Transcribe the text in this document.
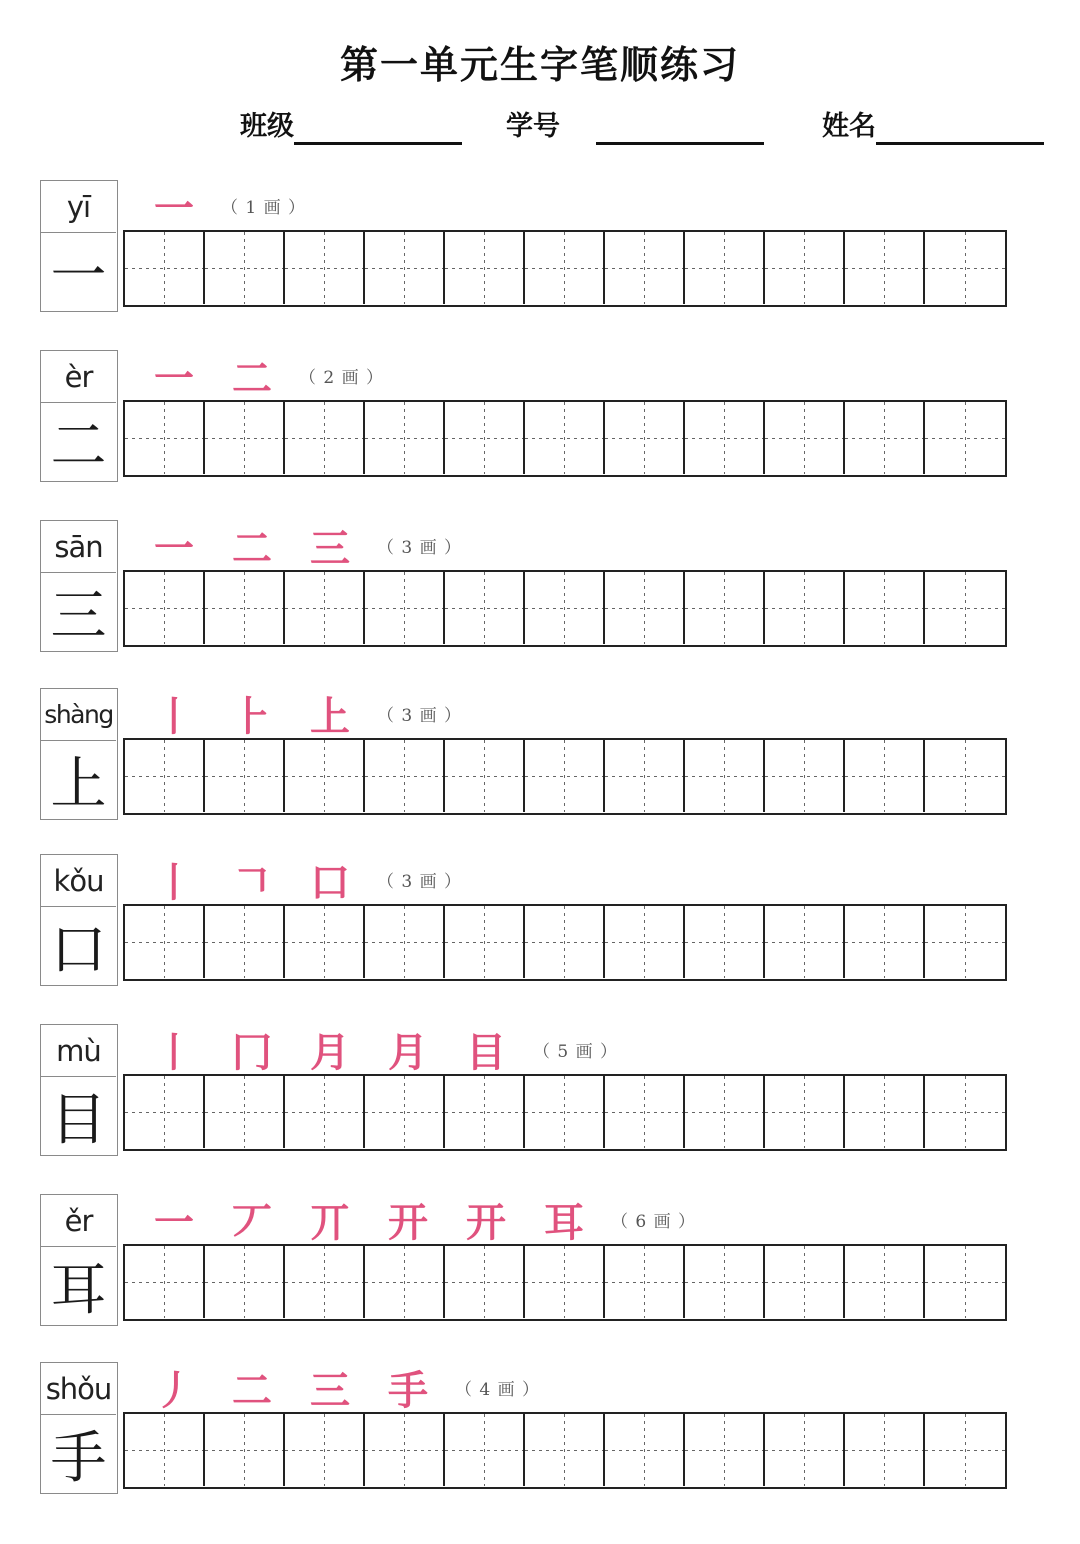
第一单元生字笔顺练习
班级	学号	姓名
yī
一
一	（ 1 画 ）
èr
二
一 二	（ 2 画 ）
sān
三
一 二 三	（ 3 画 ）
shàng
上
丨 ⺊ 上	（ 3 画 ）
kǒu
口
丨 𠃍 口	（ 3 画 ）
mù
目
丨 冂 月 月 目	（ 5 画 ）
ěr
耳
一 丆 丌 开 开 耳	（ 6 画 ）
shǒu
手
丿 二 三 手	（ 4 画 ）
